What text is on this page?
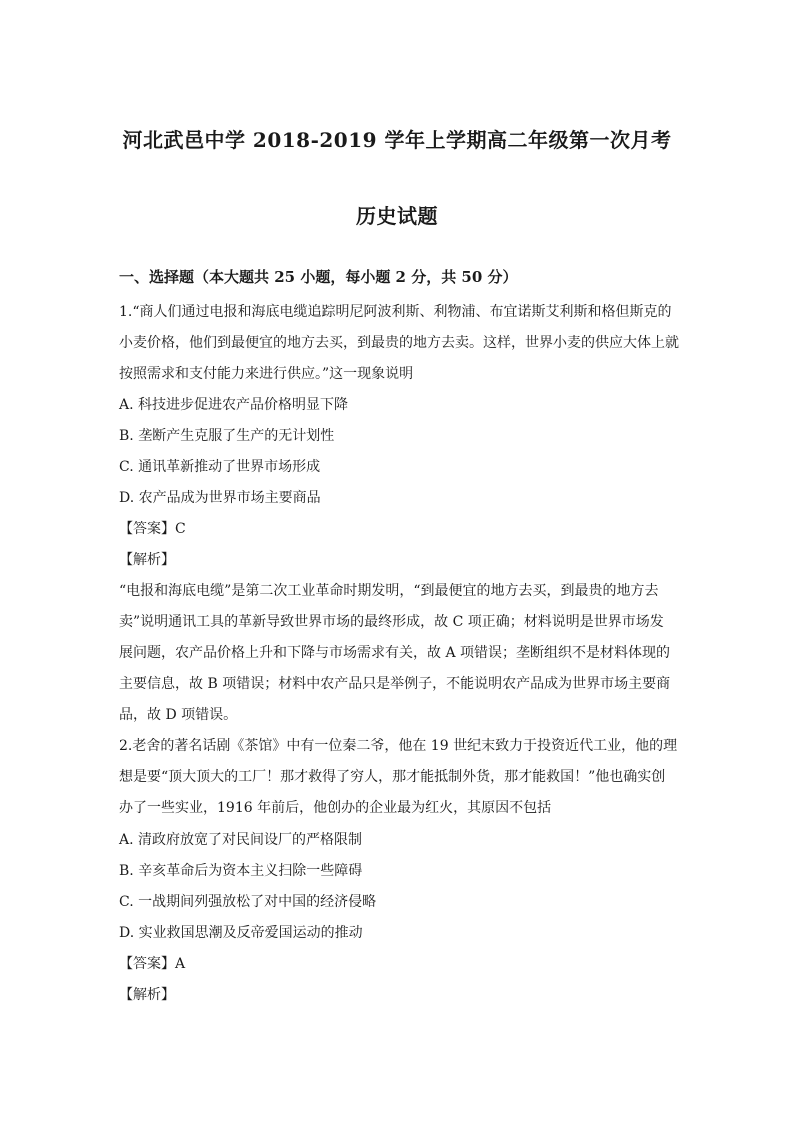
河北武邑中学 2018-2019 学年上学期高二年级第一次月考
历史试题
一、选择题（本大题共 25 小题，每小题 2 分，共 50 分）
1.“商人们通过电报和海底电缆追踪明尼阿波利斯、利物浦、布宜诺斯艾利斯和格但斯克的
小麦价格，他们到最便宜的地方去买，到最贵的地方去卖。这样，世界小麦的供应大体上就
按照需求和支付能力来进行供应。”这一现象说明
A. 科技进步促进农产品价格明显下降
B. 垄断产生克服了生产的无计划性
C. 通讯革新推动了世界市场形成
D. 农产品成为世界市场主要商品
【答案】C
【解析】
“电报和海底电缆”是第二次工业革命时期发明，“到最便宜的地方去买，到最贵的地方去
卖”说明通讯工具的革新导致世界市场的最终形成，故 C 项正确；材料说明是世界市场发
展问题，农产品价格上升和下降与市场需求有关，故 A 项错误；垄断组织不是材料体现的
主要信息，故 B 项错误；材料中农产品只是举例子，不能说明农产品成为世界市场主要商
品，故 D 项错误。
2.老舍的著名话剧《茶馆》中有一位秦二爷，他在 19 世纪末致力于投资近代工业，他的理
想是要“顶大顶大的工厂！那才救得了穷人，那才能抵制外货，那才能救国！”他也确实创
办了一些实业，1916 年前后，他创办的企业最为红火，其原因不包括
A. 清政府放宽了对民间设厂的严格限制
B. 辛亥革命后为资本主义扫除一些障碍
C. 一战期间列强放松了对中国的经济侵略
D. 实业救国思潮及反帝爱国运动的推动
【答案】A
【解析】
